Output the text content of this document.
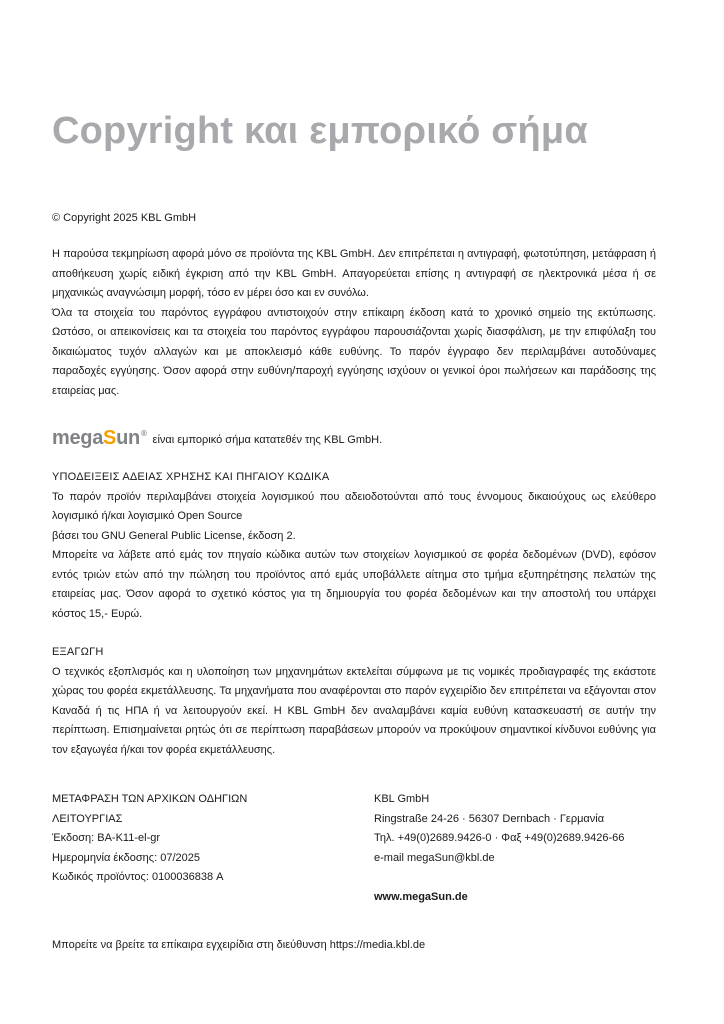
Copyright και εμπορικό σήμα
© Copyright 2025 KBL GmbH

Η παρούσα τεκμηρίωση αφορά μόνο σε προϊόντα της KBL GmbH. Δεν επιτρέπεται η αντιγραφή, φωτοτύπηση, μετάφραση ή αποθήκευση χωρίς ειδική έγκριση από την KBL GmbH. Απαγορεύεται επίσης η αντιγραφή σε ηλεκτρονικά μέσα ή σε μηχανικώς αναγνώσιμη μορφή, τόσο εν μέρει όσο και εν συνόλω.

Όλα τα στοιχεία του παρόντος εγγράφου αντιστοιχούν στην επίκαιρη έκδοση κατά το χρονικό σημείο της εκτύπωσης. Ωστόσο, οι απεικονίσεις και τα στοιχεία του παρόντος εγγράφου παρουσιάζονται χωρίς διασφάλιση, με την επιφύλαξη του δικαιώματος τυχόν αλλαγών και με αποκλεισμό κάθε ευθύνης. Το παρόν έγγραφο δεν περιλαμβάνει αυτοδύναμες παραδοχές εγγύησης. Όσον αφορά στην ευθύνη/παροχή εγγύησης ισχύουν οι γενικοί όροι πωλήσεων και παράδοσης της εταιρείας μας.

mega S un ®
είναι εμπορικό σήμα κατατεθέν της KBL GmbH.

ΥΠΟΔΕΙΞΕΙΣ ΑΔΕΙΑΣ ΧΡΗΣΗΣ ΚΑΙ ΠΗΓΑΙΟΥ ΚΩΔΙΚΑ

Το παρόν προϊόν περιλαμβάνει στοιχεία λογισμικού που αδειοδοτούνται από τους έννομους δικαιούχους ως ελεύθερο λογισμικό ή/και λογισμικό Open Source

βάσει του GNU General Public License, έκδοση 2.

Μπορείτε να λάβετε από εμάς τον πηγαίο κώδικα αυτών των στοιχείων λογισμικού σε φορέα δεδομένων (DVD), εφόσον εντός τριών ετών από την πώληση του προϊόντος από εμάς υποβάλλετε αίτημα στο τμήμα εξυπηρέτησης πελατών της εταιρείας μας. Όσον αφορά το σχετικό κόστος για τη δημιουργία του φορέα δεδομένων και την αποστολή του υπάρχει κόστος 15,- Ευρώ.

ΕΞΑΓΩΓΗ

Ο τεχνικός εξοπλισμός και η υλοποίηση των μηχανημάτων εκτελείται σύμφωνα με τις νομικές προδιαγραφές της εκάστοτε χώρας του φορέα εκμετάλλευσης. Τα μηχανήματα που αναφέρονται στο παρόν εγχειρίδιο δεν επιτρέπεται να εξάγονται στον Καναδά ή τις ΗΠΑ ή να λειτουργούν εκεί. Η KBL GmbH δεν αναλαμβάνει καμία ευθύνη κατασκευαστή σε αυτήν την περίπτωση. Επισημαίνεται ρητώς ότι σε περίπτωση παραβάσεων μπορούν να προκύψουν σημαντικοί κίνδυνοι ευθύνης για τον εξαγωγέα ή/και τον φορέα εκμετάλλευσης.

ΜΕΤΑΦΡΑΣΗ ΤΩΝ ΑΡΧΙΚΩΝ ΟΔΗΓΙΩΝ
ΛΕΙΤΟΥΡΓΙΑΣ
Έκδοση: BA-K11-el-gr
Ημερομηνία έκδοσης: 07/2025
Κωδικός προϊόντος: 0100036838 A
KBL GmbH
Ringstraße 24-26 · 56307 Dernbach · Γερμανία
Τηλ. +49(0)2689.9426-0 · Φαξ +49(0)2689.9426-66
e-mail megaSun@kbl.de
www.megaSun.de
Μπορείτε να βρείτε τα επίκαιρα εγχειρίδια στη διεύθυνση https://media.kbl.de
